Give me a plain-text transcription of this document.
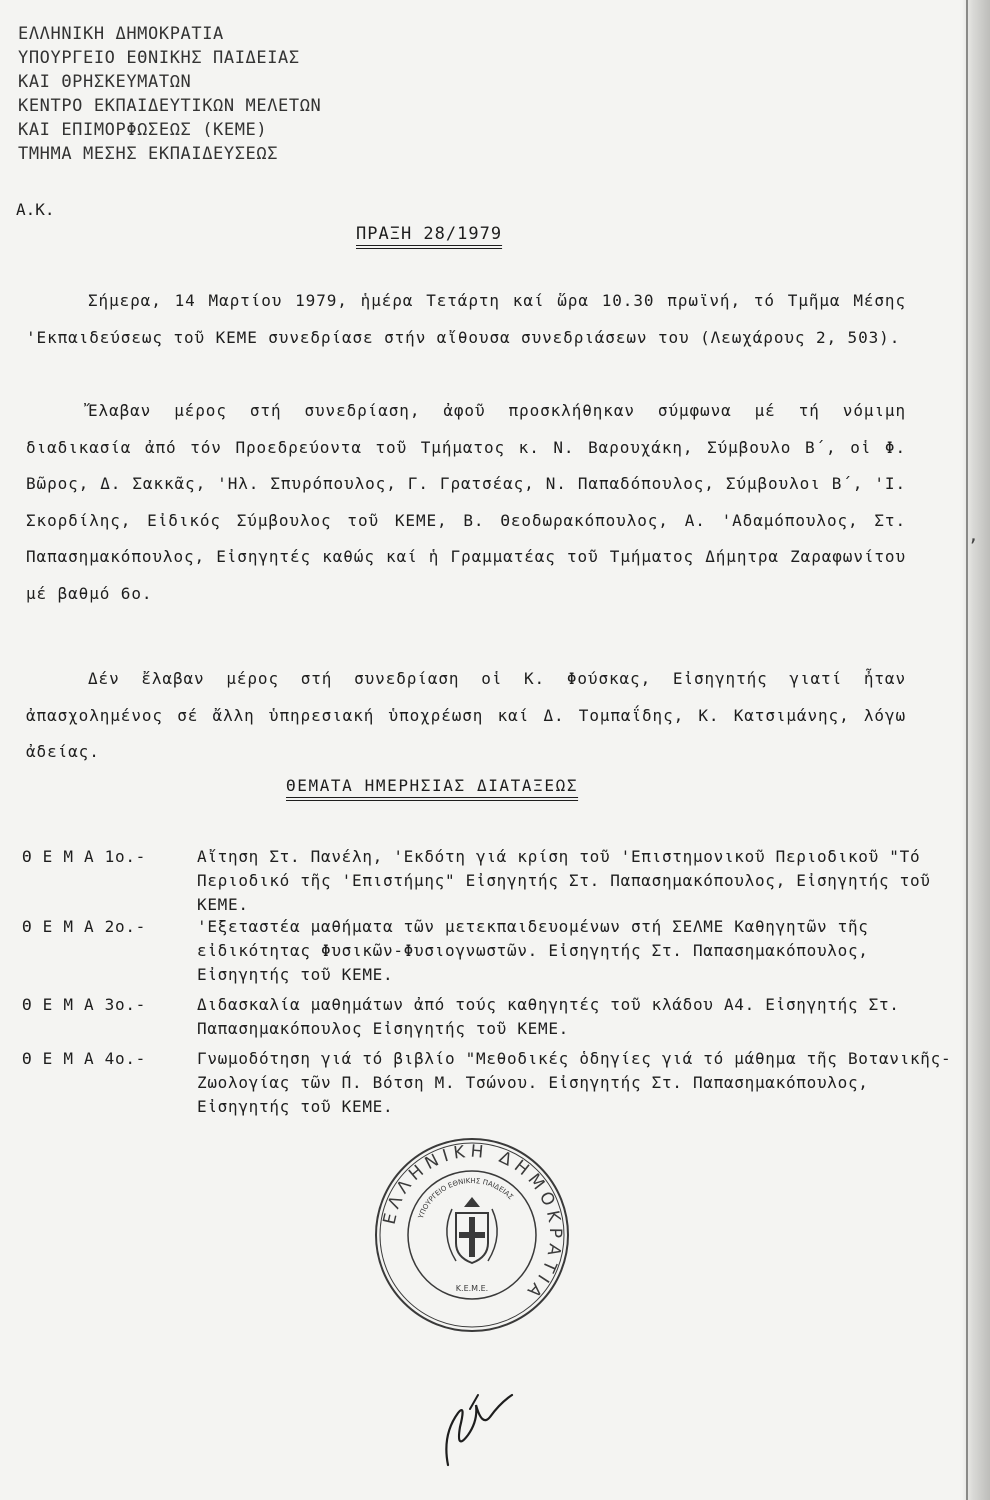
ΕΛΛΗΝΙΚΗ ΔΗΜΟΚΡΑΤΙΑ
ΥΠΟΥΡΓΕΙΟ ΕΘΝΙΚΗΣ ΠΑΙΔΕΙΑΣ
ΚΑΙ ΘΡΗΣΚΕΥΜΑΤΩΝ
ΚΕΝΤΡΟ ΕΚΠΑΙΔΕΥΤΙΚΩΝ ΜΕΛΕΤΩΝ
ΚΑΙ ΕΠΙΜΟΡΦΩΣΕΩΣ (ΚΕΜΕ)
ΤΜΗΜΑ ΜΕΣΗΣ ΕΚΠΑΙΔΕΥΣΕΩΣ
Α.Κ.
ΠΡΑΞΗ 28/1979
Σήμερα, 14 Μαρτίου 1979, ἡμέρα Τετάρτη καί ὥρα 10.30 πρωϊνή, τό Τμῆμα Μέσης 'Εκπαιδεύσεως τοῦ ΚΕΜΕ συνεδρίασε στήν αἴθουσα συνεδριάσεων του (Λεωχάρους 2, 503).
Ἔλαβαν μέρος στή συνεδρίαση, ἀφοῦ προσκλήθηκαν σύμφωνα μέ τή νόμιμη διαδικασία ἀπό τόν Προεδρεύοντα τοῦ Τμήματος κ. Ν. Βαρουχάκη, Σύμβουλο Β΄, οἱ Φ. Βῶρος, Δ. Σακκᾶς, 'Ηλ. Σπυρόπουλος, Γ. Γρατσέας, Ν. Παπαδόπουλος, Σύμβουλοι Β΄, 'Ι. Σκορδίλης, Εἰδικός Σύμβουλος τοῦ ΚΕΜΕ, Β. Θεοδωρακόπουλος, Α. 'Αδαμόπουλος, Στ. Παπασημακόπουλος, Εἰσηγητές καθώς καί ἡ Γραμματέας τοῦ Τμήματος Δήμητρα Ζαραφωνίτου μέ βαθμό 6ο.
Δέν ἔλαβαν μέρος στή συνεδρίαση οἱ Κ. Φούσκας, Εἰσηγητής γιατί ἦταν ἀπασχολημένος σέ ἄλλη ὑπηρεσιακή ὑποχρέωση καί Δ. Τομπαΐδης, Κ. Κατσιμάνης, λόγω ἀδείας.
ΘΕΜΑΤΑ ΗΜΕΡΗΣΙΑΣ ΔΙΑΤΑΞΕΩΣ
Θ Ε Μ Α 1ο.-	Αἴτηση Στ. Πανέλη, 'Εκδότη γιά κρίση τοῦ 'Επιστημονικοῦ Περιοδικοῦ "Τό Περιοδικό τῆς 'Επιστήμης" Εἰσηγητής Στ. Παπασημακόπουλος, Εἰσηγητής τοῦ ΚΕΜΕ.
Θ Ε Μ Α 2ο.-	'Εξεταστέα μαθήματα τῶν μετεκπαιδευομένων στή ΣΕΛΜΕ Καθηγητῶν τῆς εἰδικότητας Φυσικῶν-Φυσιογνωστῶν. Εἰσηγητής Στ. Παπασημακόπουλος, Εἰσηγητής τοῦ ΚΕΜΕ.
Θ Ε Μ Α 3ο.-	Διδασκαλία μαθημάτων ἀπό τούς καθηγητές τοῦ κλάδου Α4. Εἰσηγητής Στ. Παπασημακόπουλος Εἰσηγητής τοῦ ΚΕΜΕ.
Θ Ε Μ Α 4ο.-	Γνωμοδότηση γιά τό βιβλίο "Μεθοδικές ὁδηγίες γιά τό μάθημα τῆς Βοτανικῆς- Ζωολογίας τῶν Π. Βότση Μ. Τσώνου. Εἰσηγητής Στ. Παπασημακόπουλος, Εἰσηγητής τοῦ ΚΕΜΕ.
,
ΕΛΛΗΝΙΚΗ ΔΗΜΟΚΡΑΤΙΑ
ΥΠΟΥΡΓΕΙΟ ΕΘΝΙΚΗΣ ΠΑΙΔΕΙΑΣ
Κ.Ε.Μ.Ε.
